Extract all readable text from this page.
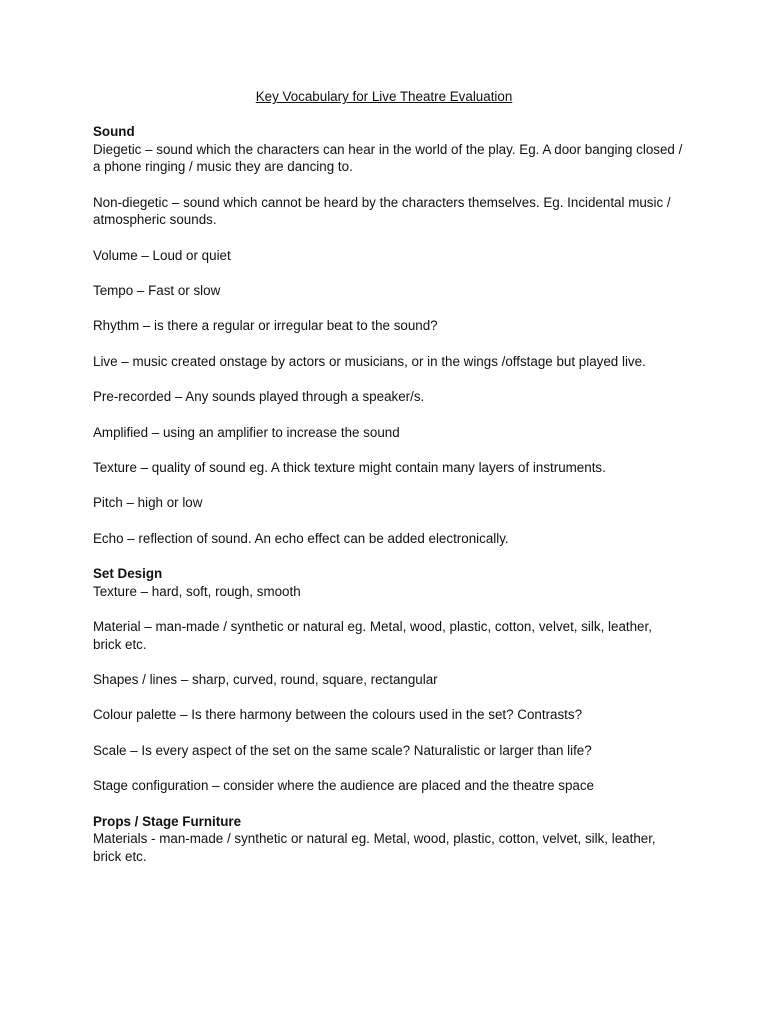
Key Vocabulary for Live Theatre Evaluation

Sound

Diegetic – sound which the characters can hear in the world of the play. Eg. A door banging closed / a phone ringing / music they are dancing to.

Non-diegetic – sound which cannot be heard by the characters themselves. Eg. Incidental music / atmospheric sounds.

Volume – Loud or quiet

Tempo – Fast or slow

Rhythm – is there a regular or irregular beat to the sound?

Live – music created onstage by actors or musicians, or in the wings /offstage but played live.

Pre-recorded – Any sounds played through a speaker/s.

Amplified – using an amplifier to increase the sound

Texture – quality of sound eg. A thick texture might contain many layers of instruments.

Pitch – high or low

Echo – reflection of sound. An echo effect can be added electronically.

Set Design

Texture – hard, soft, rough, smooth

Material – man-made / synthetic or natural eg. Metal, wood, plastic, cotton, velvet, silk, leather, brick etc.

Shapes / lines – sharp, curved, round, square, rectangular

Colour palette – Is there harmony between the colours used in the set? Contrasts?

Scale – Is every aspect of the set on the same scale? Naturalistic or larger than life?

Stage configuration – consider where the audience are placed and the theatre space

Props / Stage Furniture

Materials - man-made / synthetic or natural eg. Metal, wood, plastic, cotton, velvet, silk, leather, brick etc.
